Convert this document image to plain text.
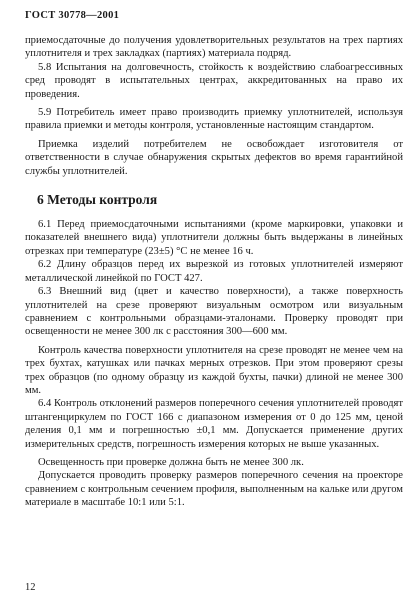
ГОСТ 30778—2001

приемосдаточные до получения удовлетворительных результатов на трех партиях уплотнителя и трех закладках (партиях) материала подряд.

5.8 Испытания на долговечность, стойкость к воздействию слабоагрессивных сред проводят в испытательных центрах, аккредитованных на право их проведения.

5.9 Потребитель имеет право производить приемку уплотнителей, используя правила приемки и методы контроля, установленные настоящим стандартом.

Приемка изделий потребителем не освобождает изготовителя от ответственности в случае обнаружения скрытых дефектов во время гарантийной службы уплотнителей.

6 Методы контроля

6.1 Перед приемосдаточными испытаниями (кроме маркировки, упаковки и показателей внешнего вида) уплотнители должны быть выдержаны в линейных отрезках при температуре (23±5) °С не менее 16 ч.

6.2 Длину образцов перед их вырезкой из готовых уплотнителей измеряют металлической линейкой по ГОСТ 427.

6.3 Внешний вид (цвет и качество поверхности), а также поверхность уплотнителей на срезе проверяют визуальным осмотром или визуальным сравнением с контрольными образцами-эталонами. Проверку проводят при освещенности не менее 300 лк с расстояния 300—600 мм.

Контроль качества поверхности уплотнителя на срезе проводят не менее чем на трех бухтах, катушках или пачках мерных отрезков. При этом проверяют срезы трех образцов (по одному образцу из каждой бухты, пачки) длиной не менее 300 мм.

6.4 Контроль отклонений размеров поперечного сечения уплотнителей проводят штангенциркулем по ГОСТ 166 с диапазоном измерения от 0 до 125 мм, ценой деления 0,1 мм и погрешностью ±0,1 мм. Допускается применение других измерительных средств, погрешность измерения которых не выше указанных.

Освещенность при проверке должна быть не менее 300 лк.

Допускается проводить проверку размеров поперечного сечения на проекторе сравнением с контрольным сечением профиля, выполненным на кальке или другом материале в масштабе 10:1 или 5:1.

12
